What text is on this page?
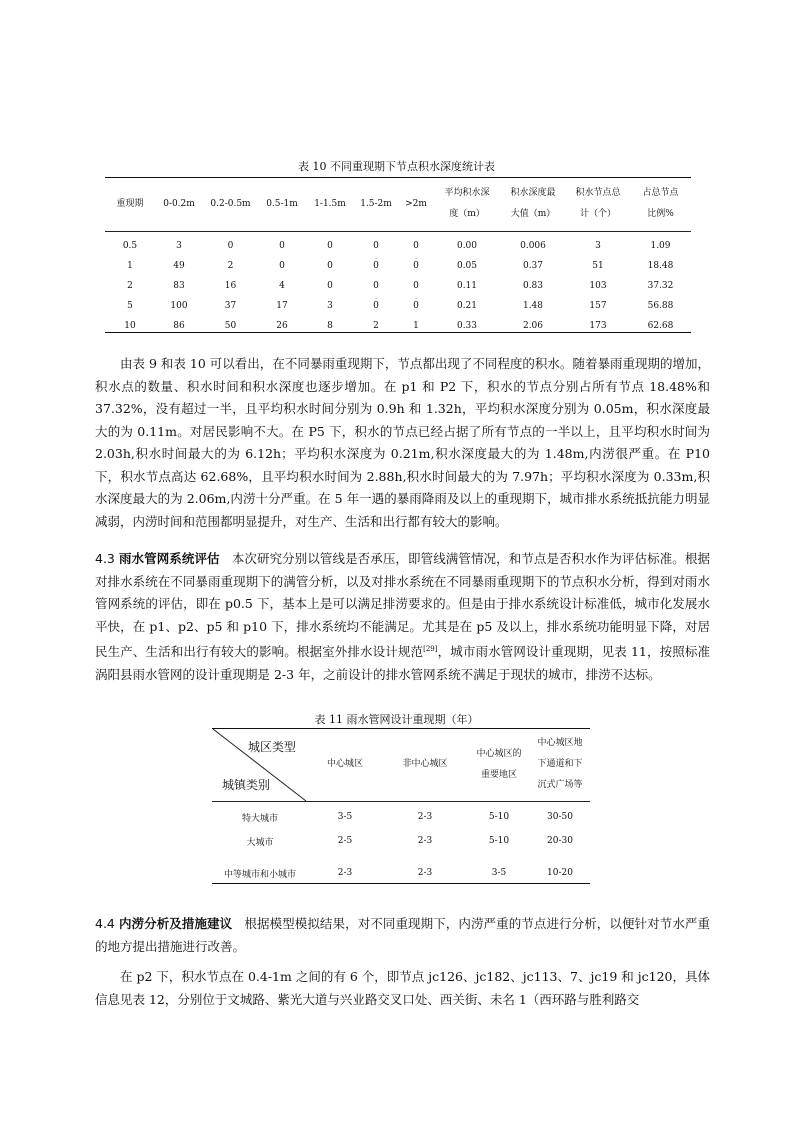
表 10 不同重现期下节点积水深度统计表
重现期	0-0.2m	0.2-0.5m	0.5-1m	1-1.5m	1.5-2m	>2m	平均积水深度（m）	积水深度最大值（m）	积水节点总计（个）	占总节点比例%
0.5	3	0	0	0	0	0	0.00	0.006	3	1.09
1	49	2	0	0	0	0	0.05	0.37	51	18.48
2	83	16	4	0	0	0	0.11	0.83	103	37.32
5	100	37	17	3	0	0	0.21	1.48	157	56.88
10	86	50	26	8	2	1	0.33	2.06	173	62.68

由表 9 和表 10 可以看出，在不同暴雨重现期下，节点都出现了不同程度的积水。随着暴雨重现期的增加，积水点的数量、积水时间和积水深度也逐步增加。在 p1 和 P2 下，积水的节点分别占所有节点 18.48%和 37.32%，没有超过一半，且平均积水时间分别为 0.9h 和 1.32h，平均积水深度分别为 0.05m，积水深度最大的为 0.11m。对居民影响不大。在 P5 下，积水的节点已经占据了所有节点的一半以上，且平均积水时间为 2.03h,积水时间最大的为 6.12h；平均积水深度为 0.21m,积水深度最大的为 1.48m,内涝很严重。在 P10 下，积水节点高达 62.68%，且平均积水时间为 2.88h,积水时间最大的为 7.97h；平均积水深度为 0.33m,积水深度最大的为 2.06m,内涝十分严重。在 5 年一遇的暴雨降雨及以上的重现期下，城市排水系统抵抗能力明显减弱，内涝时间和范围都明显提升，对生产、生活和出行都有较大的影响。

4.3 雨水管网系统评估 本次研究分别以管线是否承压，即管线满管情况，和节点是否积水作为评估标准。根据对排水系统在不同暴雨重现期下的满管分析，以及对排水系统在不同暴雨重现期下的节点积水分析，得到对雨水管网系统的评估，即在 p0.5 下，基本上是可以满足排涝要求的。但是由于排水系统设计标准低，城市化发展水平快，在 p1、p2、p5 和 p10 下，排水系统均不能满足。尤其是在 p5 及以上，排水系统功能明显下降，对居民生产、生活和出行有较大的影响。根据室外排水设计规范[29]，城市雨水管网设计重现期，见表 11，按照标准涡阳县雨水管网的设计重现期是 2-3 年，之前设计的排水管网系统不满足于现状的城市，排涝不达标。

表 11 雨水管网设计重现期（年）
城区类型
城镇类别
	中心城区	非中心城区	中心城区的重要地区	中心城区地下通道和下沉式广场等
特大城市	3-5	2-3	5-10	30-50
大城市	2-5	2-3	5-10	20-30
中等城市和小城市	2-3	2-3	3-5	10-20

4.4 内涝分析及措施建议 根据模型模拟结果，对不同重现期下，内涝严重的节点进行分析，以便针对节水严重的地方提出措施进行改善。

在 p2 下，积水节点在 0.4-1m 之间的有 6 个，即节点 jc126、jc182、jc113、7、jc19 和 jc120，具体信息见表 12，分别位于文城路、紫光大道与兴业路交叉口处、西关街、未名 1（西环路与胜利路交
